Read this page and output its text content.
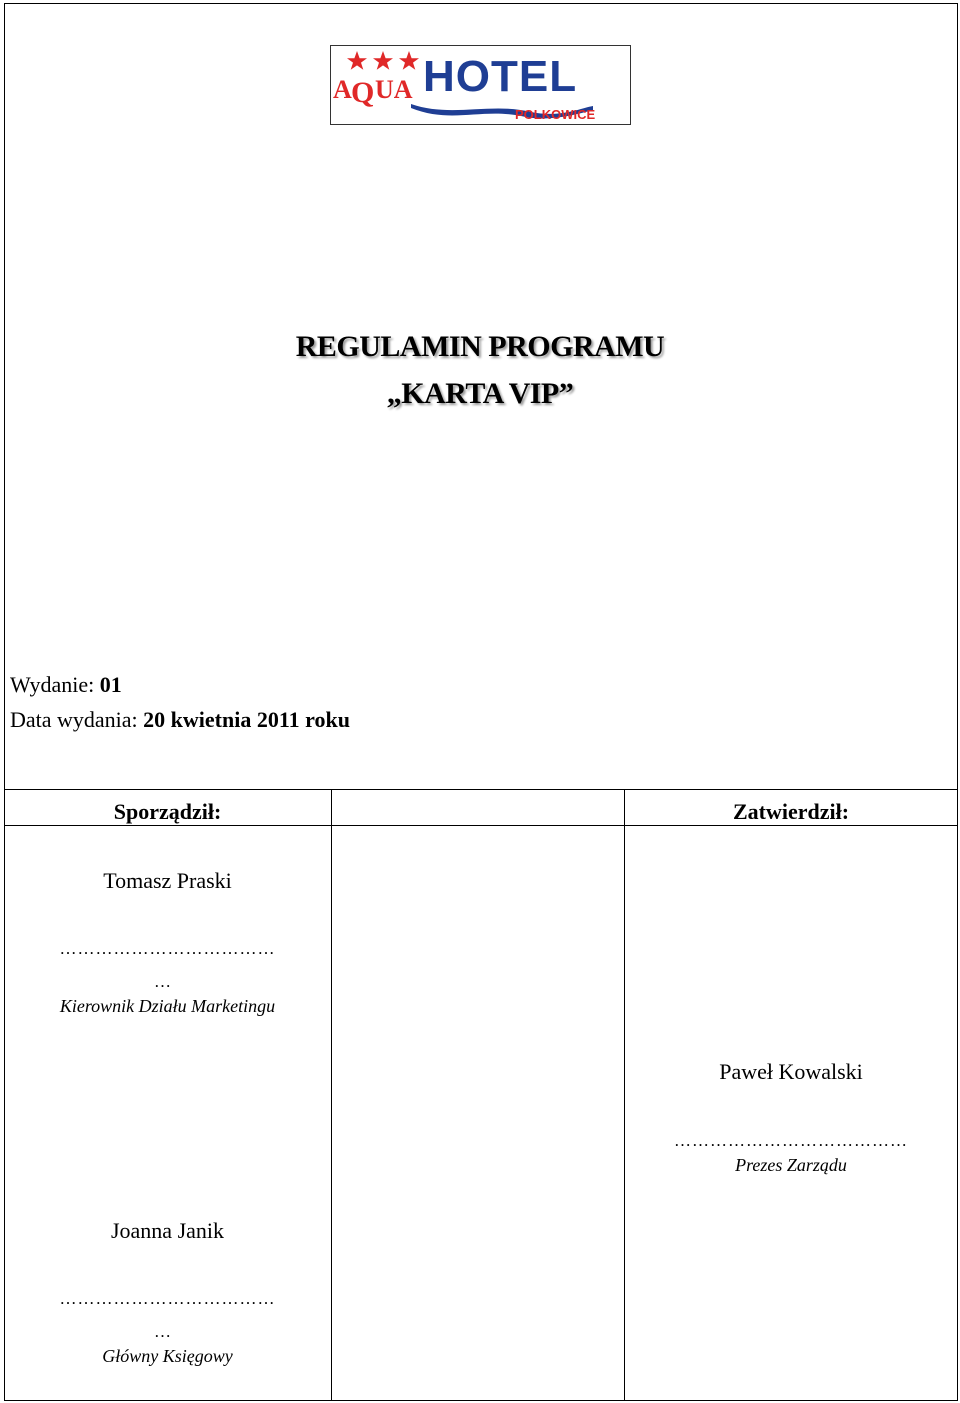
A Q UA HOTEL
POLKOWICE
REGULAMIN PROGRAMU
„KARTA VIP”
Wydanie: 01
Data wydania: 20 kwietnia 2011 roku
Sporządził:	Zatwierdził:
Tomasz Praski
………………………………
…
Kierownik Działu Marketingu
Paweł Kowalski
…………………………………
Prezes Zarządu
Joanna Janik
………………………………
…
Główny Księgowy
